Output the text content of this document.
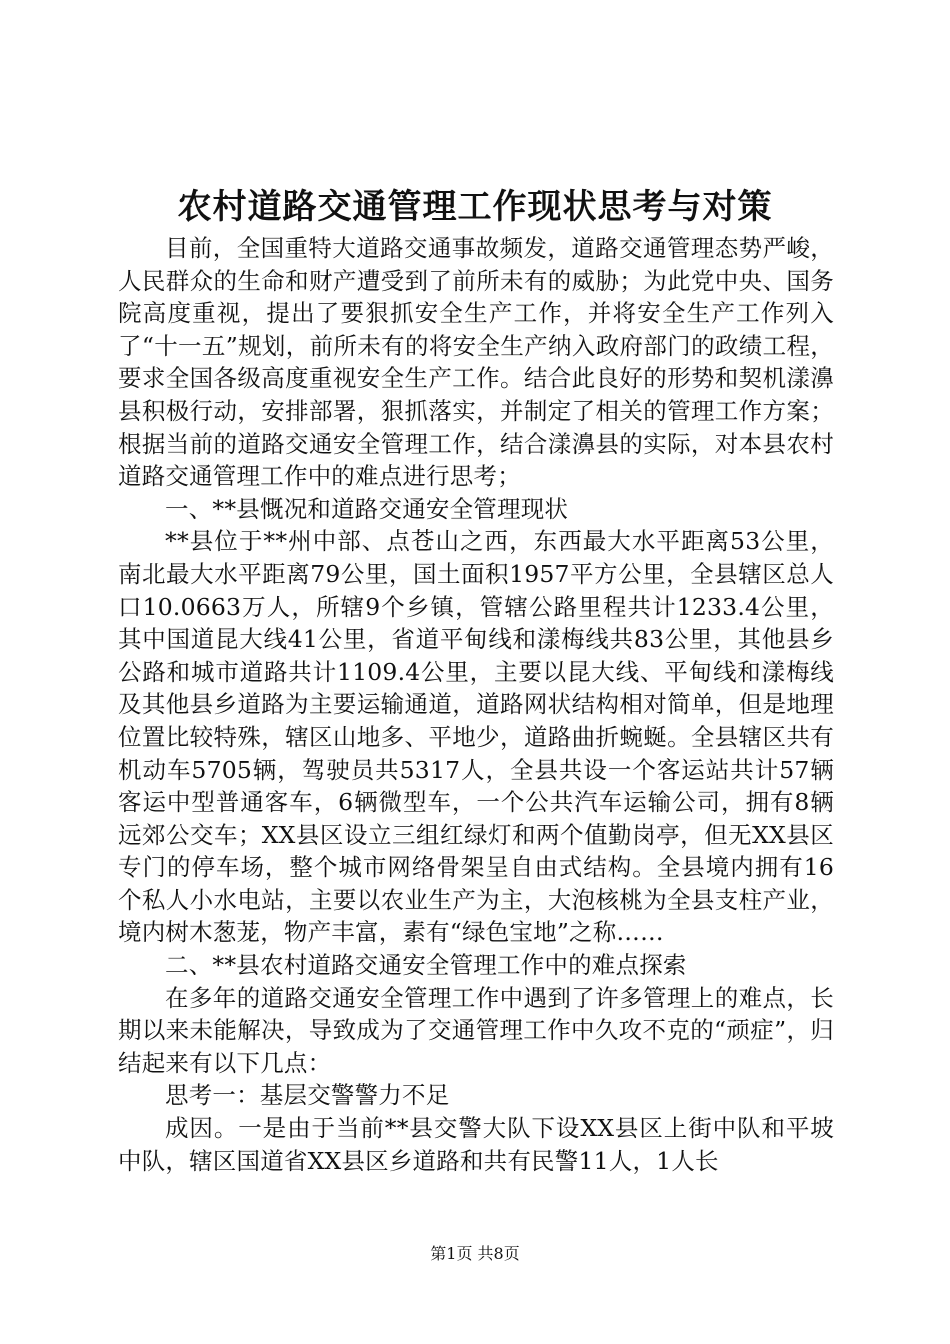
农村道路交通管理工作现状思考与对策

目前，全国重特大道路交通事故频发，道路交通管理态势严峻，人民群众的生命和财产遭受到了前所未有的威胁；为此党中央、国务院高度重视，提出了要狠抓安全生产工作，并将安全生产工作列入了“十一五”规划，前所未有的将安全生产纳入政府部门的政绩工程，要求全国各级高度重视安全生产工作。结合此良好的形势和契机漾濞县积极行动，安排部署，狠抓落实，并制定了相关的管理工作方案；根据当前的道路交通安全管理工作，结合漾濞县的实际，对本县农村道路交通管理工作中的难点进行思考；

一、**县慨况和道路交通安全管理现状

**县位于**州中部、点苍山之西，东西最大水平距离53公里，南北最大水平距离79公里，国土面积1957平方公里，全县辖区总人口10.0663万人，所辖9个乡镇，管辖公路里程共计1233.4公里，其中国道昆大线41公里，省道平甸线和漾梅线共83公里，其他县乡公路和城市道路共计1109.4公里，主要以昆大线、平甸线和漾梅线及其他县乡道路为主要运输通道，道路网状结构相对简单，但是地理位置比较特殊，辖区山地多、平地少，道路曲折蜿蜒。全县辖区共有机动车5705辆，驾驶员共5317人，全县共设一个客运站共计57辆客运中型普通客车，6辆微型车，一个公共汽车运输公司，拥有8辆远郊公交车；XX县区设立三组红绿灯和两个值勤岗亭，但无XX县区专门的停车场，整个城市网络骨架呈自由式结构。全县境内拥有16个私人小水电站，主要以农业生产为主，大泡核桃为全县支柱产业，境内树木葱茏，物产丰富，素有“绿色宝地”之称……

二、**县农村道路交通安全管理工作中的难点探索

在多年的道路交通安全管理工作中遇到了许多管理上的难点，长期以来未能解决，导致成为了交通管理工作中久攻不克的“顽症”，归结起来有以下几点：

思考一：基层交警警力不足

成因。一是由于当前**县交警大队下设XX县区上街中队和平坡中队，辖区国道省XX县区乡道路和共有民警11人，1人长

第1页 共8页
